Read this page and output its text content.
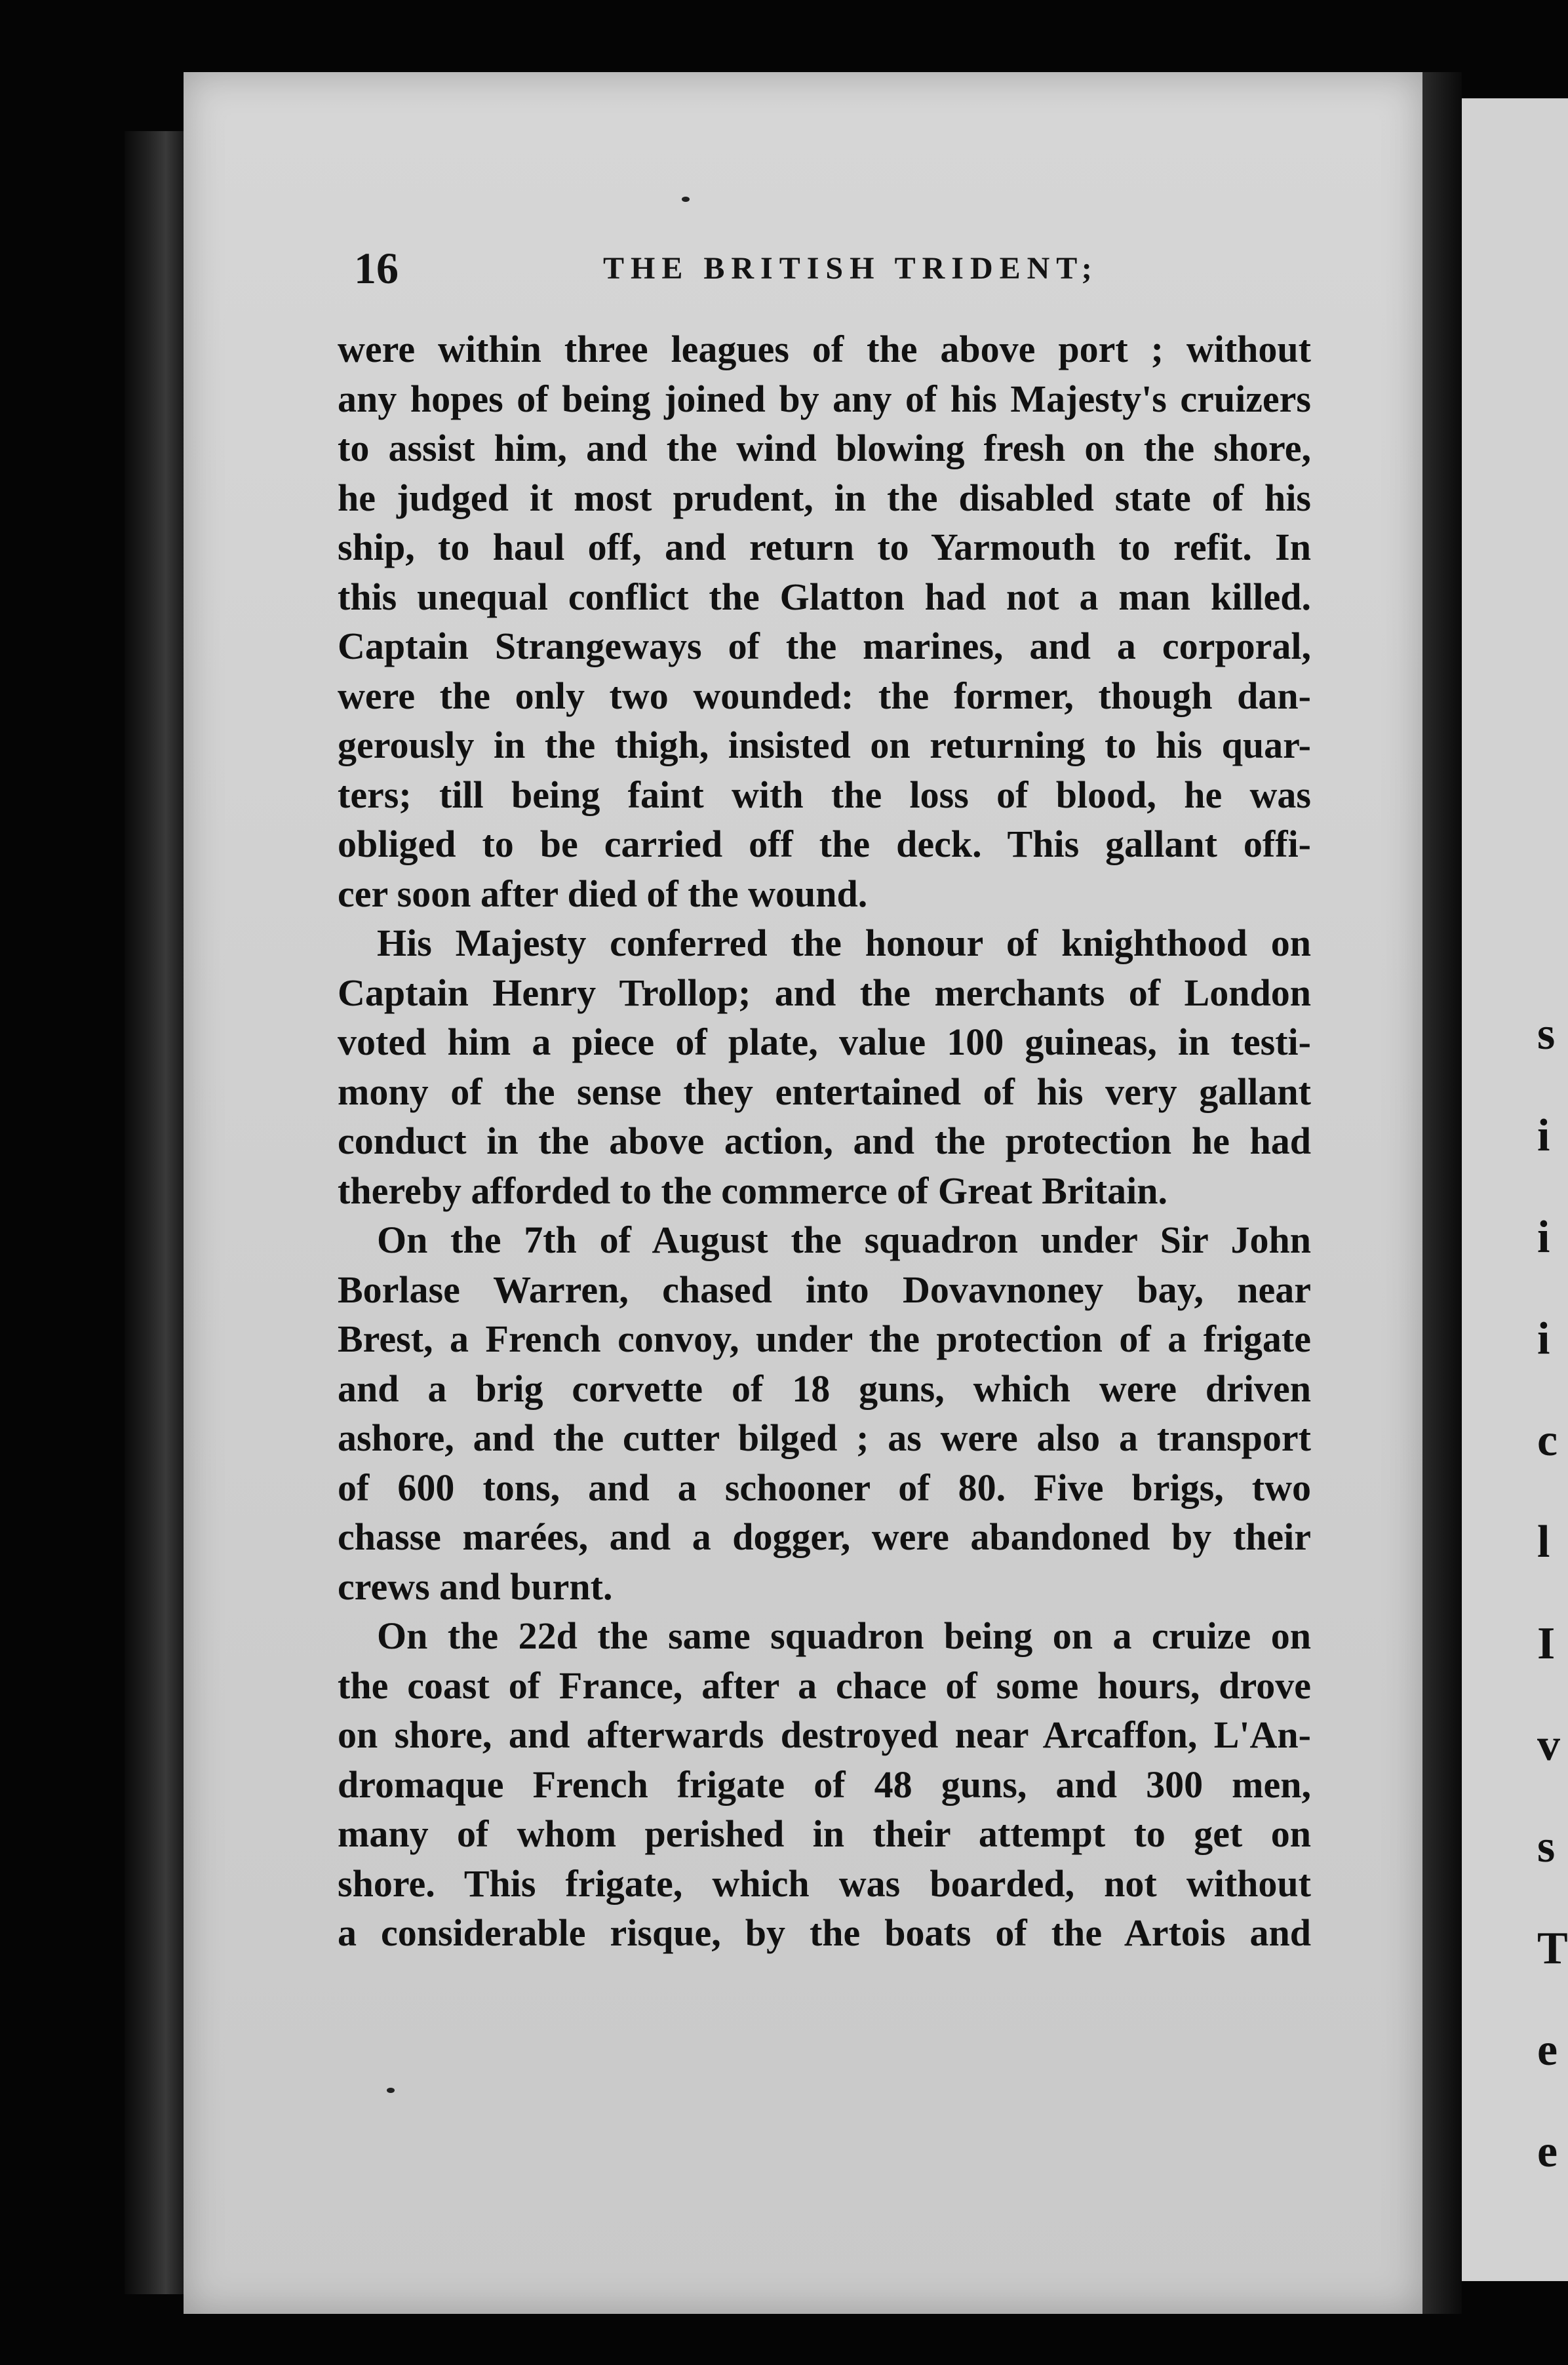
s
i
i
i
c
l
I
v
s
T
e
e
16	THE BRITISH TRIDENT;
were within three leagues of the above port ; without
any hopes of being joined by any of his Majesty's cruizers
to assist him, and the wind blowing fresh on the shore,
he judged it most prudent, in the disabled state of his
ship, to haul off, and return to Yarmouth to refit. In
this unequal conflict the Glatton had not a man killed.
Captain Strangeways of the marines, and a corporal,
were the only two wounded: the former, though dan-
gerously in the thigh, insisted on returning to his quar-
ters; till being faint with the loss of blood, he was
obliged to be carried off the deck. This gallant offi-
cer soon after died of the wound.
His Majesty conferred the honour of knighthood on
Captain Henry Trollop; and the merchants of London
voted him a piece of plate, value 100 guineas, in testi-
mony of the sense they entertained of his very gallant
conduct in the above action, and the protection he had
thereby afforded to the commerce of Great Britain.
On the 7th of August the squadron under Sir John
Borlase Warren, chased into Dovavnoney bay, near
Brest, a French convoy, under the protection of a frigate
and a brig corvette of 18 guns, which were driven
ashore, and the cutter bilged ; as were also a transport
of 600 tons, and a schooner of 80. Five brigs, two
chasse marées, and a dogger, were abandoned by their
crews and burnt.
On the 22d the same squadron being on a cruize on
the coast of France, after a chace of some hours, drove
on shore, and afterwards destroyed near Arcaffon, L'An-
dromaque French frigate of 48 guns, and 300 men,
many of whom perished in their attempt to get on
shore. This frigate, which was boarded, not without
a considerable risque, by the boats of the Artois and
